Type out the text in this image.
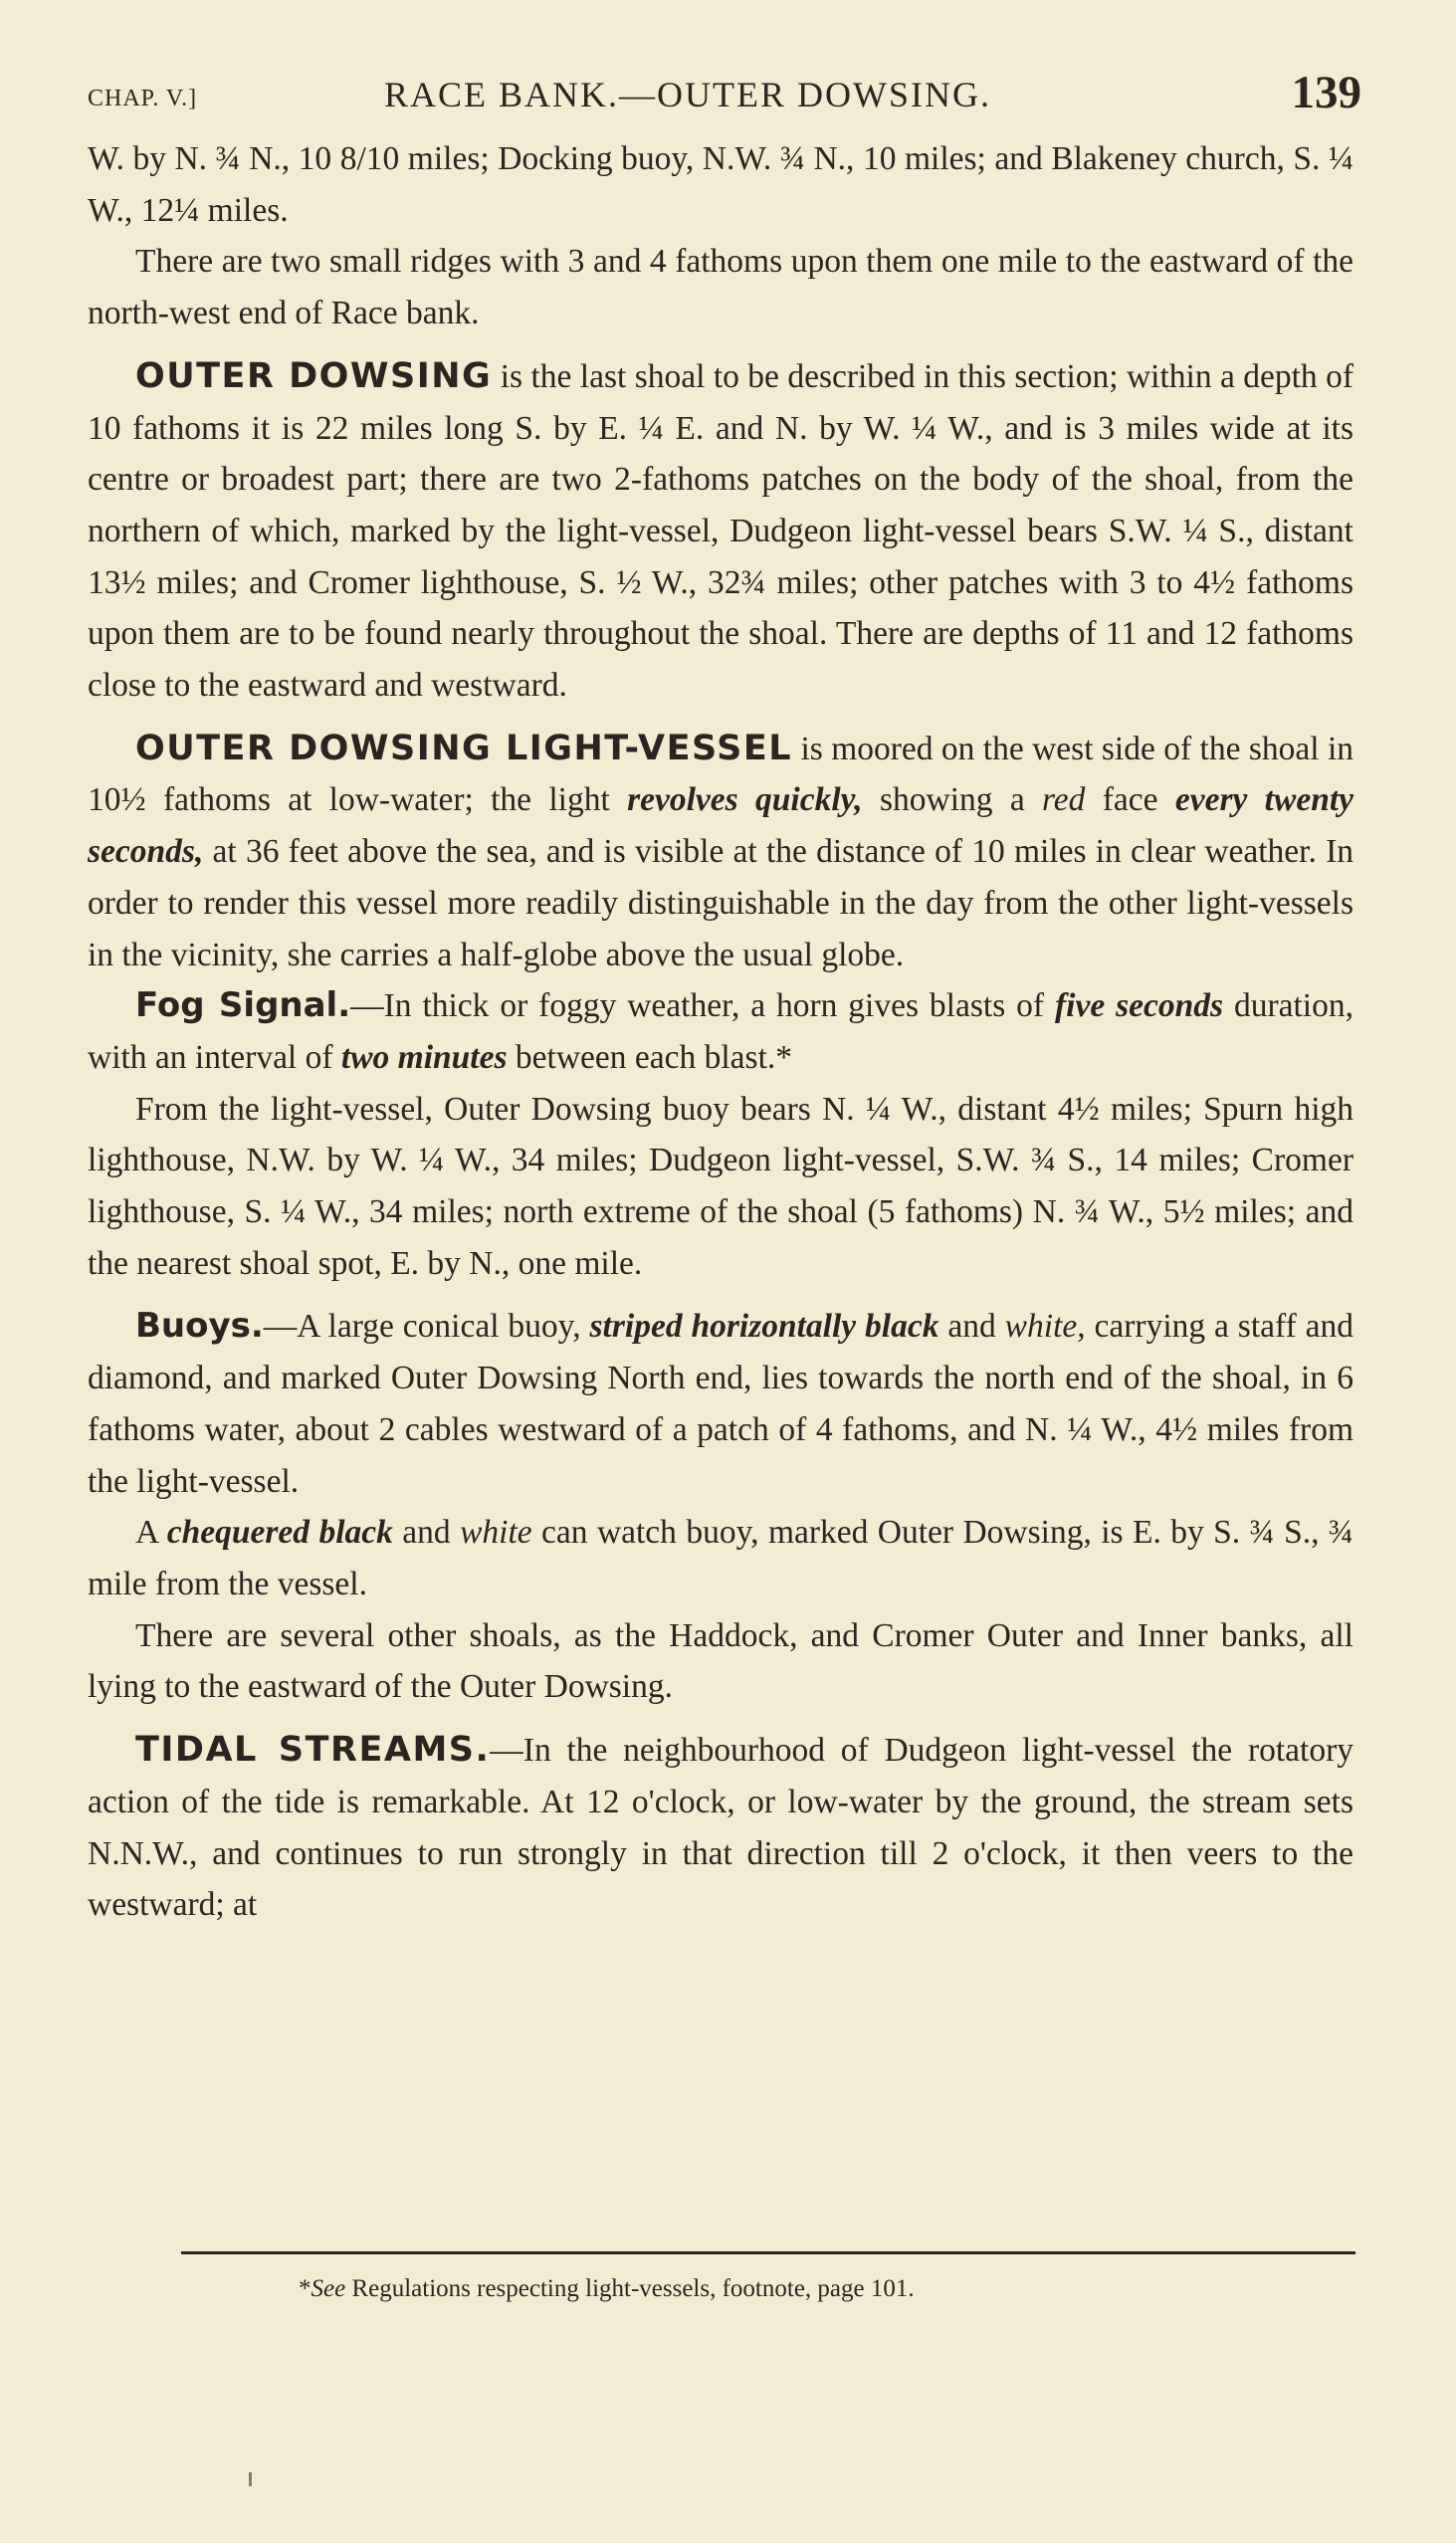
CHAP. V.]	RACE BANK.—OUTER DOWSING.	139

W. by N. ¾ N., 10 8/10 miles; Docking buoy, N.W. ¾ N., 10 miles; and Blakeney church, S. ¼ W., 12¼ miles.

There are two small ridges with 3 and 4 fathoms upon them one mile to the eastward of the north-west end of Race bank.

OUTER DOWSING is the last shoal to be described in this section; within a depth of 10 fathoms it is 22 miles long S. by E. ¼ E. and N. by W. ¼ W., and is 3 miles wide at its centre or broadest part; there are two 2-fathoms patches on the body of the shoal, from the northern of which, marked by the light-vessel, Dudgeon light-vessel bears S.W. ¼ S., distant 13½ miles; and Cromer lighthouse, S. ½ W., 32¾ miles; other patches with 3 to 4½ fathoms upon them are to be found nearly throughout the shoal. There are depths of 11 and 12 fathoms close to the eastward and westward.

OUTER DOWSING LIGHT-VESSEL is moored on the west side of the shoal in 10½ fathoms at low-water; the light revolves quickly, showing a red face every twenty seconds, at 36 feet above the sea, and is visible at the distance of 10 miles in clear weather. In order to render this vessel more readily distinguishable in the day from the other light-vessels in the vicinity, she carries a half-globe above the usual globe.

Fog Signal.—In thick or foggy weather, a horn gives blasts of five seconds duration, with an interval of two minutes between each blast.*

From the light-vessel, Outer Dowsing buoy bears N. ¼ W., distant 4½ miles; Spurn high lighthouse, N.W. by W. ¼ W., 34 miles; Dudgeon light-vessel, S.W. ¾ S., 14 miles; Cromer lighthouse, S. ¼ W., 34 miles; north extreme of the shoal (5 fathoms) N. ¾ W., 5½ miles; and the nearest shoal spot, E. by N., one mile.

Buoys.—A large conical buoy, striped horizontally black and white, carrying a staff and diamond, and marked Outer Dowsing North end, lies towards the north end of the shoal, in 6 fathoms water, about 2 cables westward of a patch of 4 fathoms, and N. ¼ W., 4½ miles from the light-vessel.

A chequered black and white can watch buoy, marked Outer Dowsing, is E. by S. ¾ S., ¾ mile from the vessel.

There are several other shoals, as the Haddock, and Cromer Outer and Inner banks, all lying to the eastward of the Outer Dowsing.

TIDAL STREAMS.—In the neighbourhood of Dudgeon light-vessel the rotatory action of the tide is remarkable. At 12 o'clock, or low-water by the ground, the stream sets N.N.W., and continues to run strongly in that direction till 2 o'clock, it then veers to the westward; at

*See Regulations respecting light-vessels, footnote, page 101.
